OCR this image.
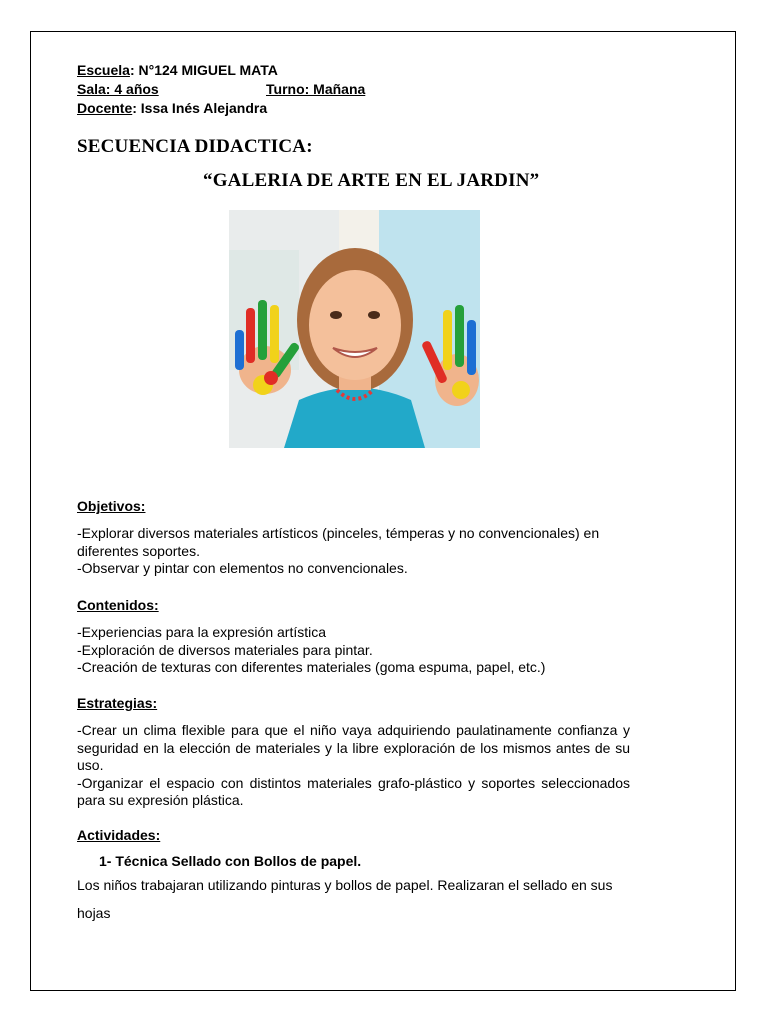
Escuela: N°124 MIGUEL MATA
Sala: 4 años	Turno: Mañana
Docente: Issa Inés Alejandra
SECUENCIA DIDACTICA:
“GALERIA DE ARTE EN EL JARDIN”
Objetivos:

-Explorar diversos materiales artísticos (pinceles, témperas y no convencionales) en diferentes soportes.

-Observar y pintar con elementos no convencionales.

Contenidos:

-Experiencias para la expresión artística

-Exploración de diversos materiales para pintar.

-Creación de texturas con diferentes materiales (goma espuma, papel, etc.)

Estrategias:

-Crear un clima flexible para que el niño vaya adquiriendo paulatinamente confianza y seguridad en la elección de materiales y la libre exploración de los mismos antes de su uso.

-Organizar el espacio con distintos materiales grafo-plástico y soportes seleccionados para su expresión plástica.

Actividades:
1- Técnica Sellado con Bollos de papel.
Los niños trabajaran utilizando pinturas y bollos de papel. Realizaran el sellado en sus hojas
